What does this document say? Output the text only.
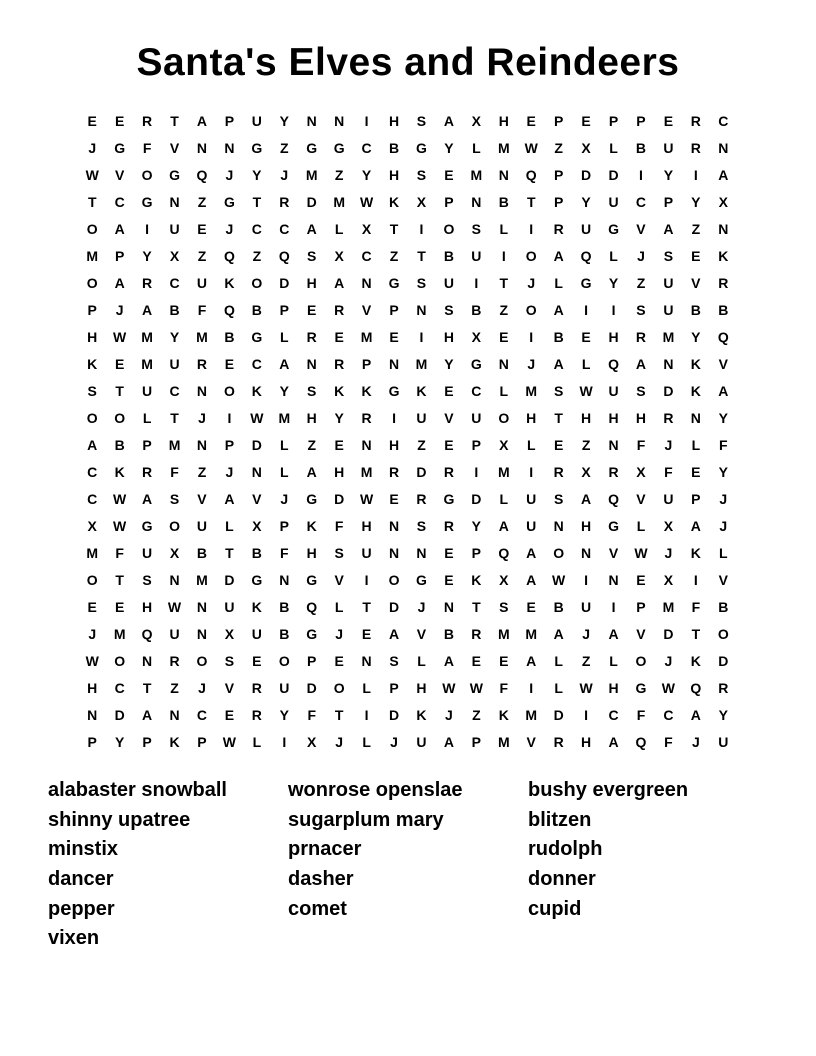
Santa's Elves and Reindeers
E	E	R	T	A	P	U	Y	N	N	I	H	S	A	X	H	E	P	E	P	P	E	R	C
J	G	F	V	N	N	G	Z	G	G	C	B	G	Y	L	M	W	Z	X	L	B	U	R	N
W	V	O	G	Q	J	Y	J	M	Z	Y	H	S	E	M	N	Q	P	D	D	I	Y	I	A
T	C	G	N	Z	G	T	R	D	M	W	K	X	P	N	B	T	P	Y	U	C	P	Y	X
O	A	I	U	E	J	C	C	A	L	X	T	I	O	S	L	I	R	U	G	V	A	Z	N
M	P	Y	X	Z	Q	Z	Q	S	X	C	Z	T	B	U	I	O	A	Q	L	J	S	E	K
O	A	R	C	U	K	O	D	H	A	N	G	S	U	I	T	J	L	G	Y	Z	U	V	R
P	J	A	B	F	Q	B	P	E	R	V	P	N	S	B	Z	O	A	I	I	S	U	B	B
H	W	M	Y	M	B	G	L	R	E	M	E	I	H	X	E	I	B	E	H	R	M	Y	Q
K	E	M	U	R	E	C	A	N	R	P	N	M	Y	G	N	J	A	L	Q	A	N	K	V
S	T	U	C	N	O	K	Y	S	K	K	G	K	E	C	L	M	S	W	U	S	D	K	A
O	O	L	T	J	I	W	M	H	Y	R	I	U	V	U	O	H	T	H	H	H	R	N	Y
A	B	P	M	N	P	D	L	Z	E	N	H	Z	E	P	X	L	E	Z	N	F	J	L	F
C	K	R	F	Z	J	N	L	A	H	M	R	D	R	I	M	I	R	X	R	X	F	E	Y
C	W	A	S	V	A	V	J	G	D	W	E	R	G	D	L	U	S	A	Q	V	U	P	J
X	W	G	O	U	L	X	P	K	F	H	N	S	R	Y	A	U	N	H	G	L	X	A	J
M	F	U	X	B	T	B	F	H	S	U	N	N	E	P	Q	A	O	N	V	W	J	K	L
O	T	S	N	M	D	G	N	G	V	I	O	G	E	K	X	A	W	I	N	E	X	I	V
E	E	H	W	N	U	K	B	Q	L	T	D	J	N	T	S	E	B	U	I	P	M	F	B
J	M	Q	U	N	X	U	B	G	J	E	A	V	B	R	M	M	A	J	A	V	D	T	O
W	O	N	R	O	S	E	O	P	E	N	S	L	A	E	E	A	L	Z	L	O	J	K	D
H	C	T	Z	J	V	R	U	D	O	L	P	H	W	W	F	I	L	W	H	G	W	Q	R
N	D	A	N	C	E	R	Y	F	T	I	D	K	J	Z	K	M	D	I	C	F	C	A	Y
P	Y	P	K	P	W	L	I	X	J	L	J	U	A	P	M	V	R	H	A	Q	F	J	U
alabaster snowball
shinny upatree
minstix
dancer
pepper
vixen
wonrose openslae
sugarplum mary
prnacer
dasher
comet
bushy evergreen
blitzen
rudolph
donner
cupid
